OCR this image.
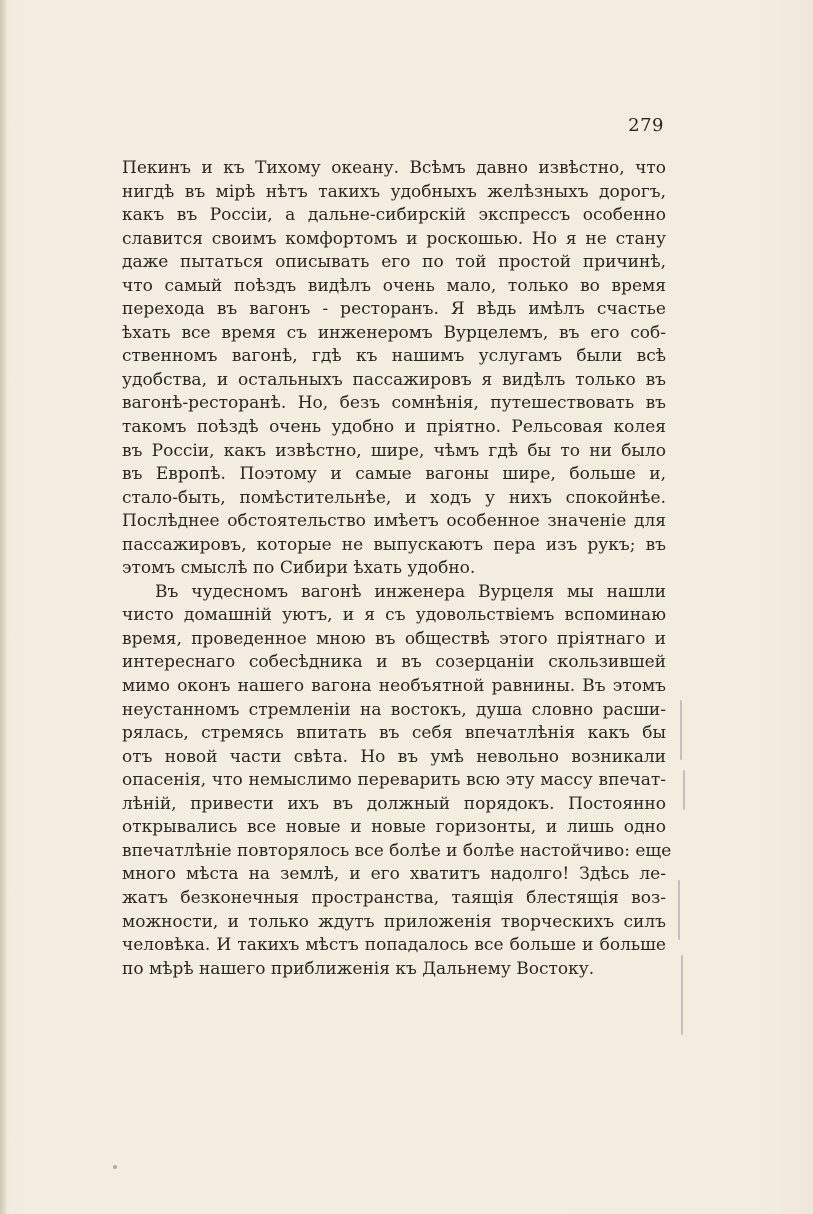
279
Пекинъ и къ Тихому океану. Всѣмъ давно извѣстно, что
нигдѣ въ мірѣ нѣтъ такихъ удобныхъ желѣзныхъ дорогъ,
какъ въ Россіи, а дальне-сибирскій экспрессъ особенно
славится своимъ комфортомъ и роскошью. Но я не стану
даже пытаться описывать его по той простой причинѣ,
что самый поѣздъ видѣлъ очень мало, только во время
перехода въ вагонъ - ресторанъ. Я вѣдь имѣлъ счастье
ѣхать все время съ инженеромъ Вурцелемъ, въ его соб-
ственномъ вагонѣ, гдѣ къ нашимъ услугамъ были всѣ
удобства, и остальныхъ пассажировъ я видѣлъ только въ
вагонѣ-ресторанѣ. Но, безъ сомнѣнія, путешествовать въ
такомъ поѣздѣ очень удобно и пріятно. Рельсовая колея
въ Россіи, какъ извѣстно, шире, чѣмъ гдѣ бы то ни было
въ Европѣ. Поэтому и самые вагоны шире, больше и,
стало-быть, помѣстительнѣе, и ходъ у нихъ спокойнѣе.
Послѣднее обстоятельство имѣетъ особенное значеніе для
пассажировъ, которые не выпускаютъ пера изъ рукъ; въ
этомъ смыслѣ по Сибири ѣхать удобно.
Въ чудесномъ вагонѣ инженера Вурцеля мы нашли
чисто домашній уютъ, и я съ удовольствіемъ вспоминаю
время, проведенное мною въ обществѣ этого пріятнаго и
интереснаго собесѣдника и въ созерцаніи скользившей
мимо оконъ нашего вагона необъятной равнины. Въ этомъ
неустанномъ стремленіи на востокъ, душа словно расши-
рялась, стремясь впитать въ себя впечатлѣнія какъ бы
отъ новой части свѣта. Но въ умѣ невольно возникали
опасенія, что немыслимо переварить всю эту массу впечат-
лѣній, привести ихъ въ должный порядокъ. Постоянно
открывались все новые и новые горизонты, и лишь одно
впечатлѣніе повторялось все болѣе и болѣе настойчиво: еще
много мѣста на землѣ, и его хватитъ надолго! Здѣсь ле-
жатъ безконечныя пространства, таящія блестящія воз-
можности, и только ждутъ приложенія творческихъ силъ
человѣка. И такихъ мѣстъ попадалось все больше и больше
по мѣрѣ нашего приближенія къ Дальнему Востоку.
